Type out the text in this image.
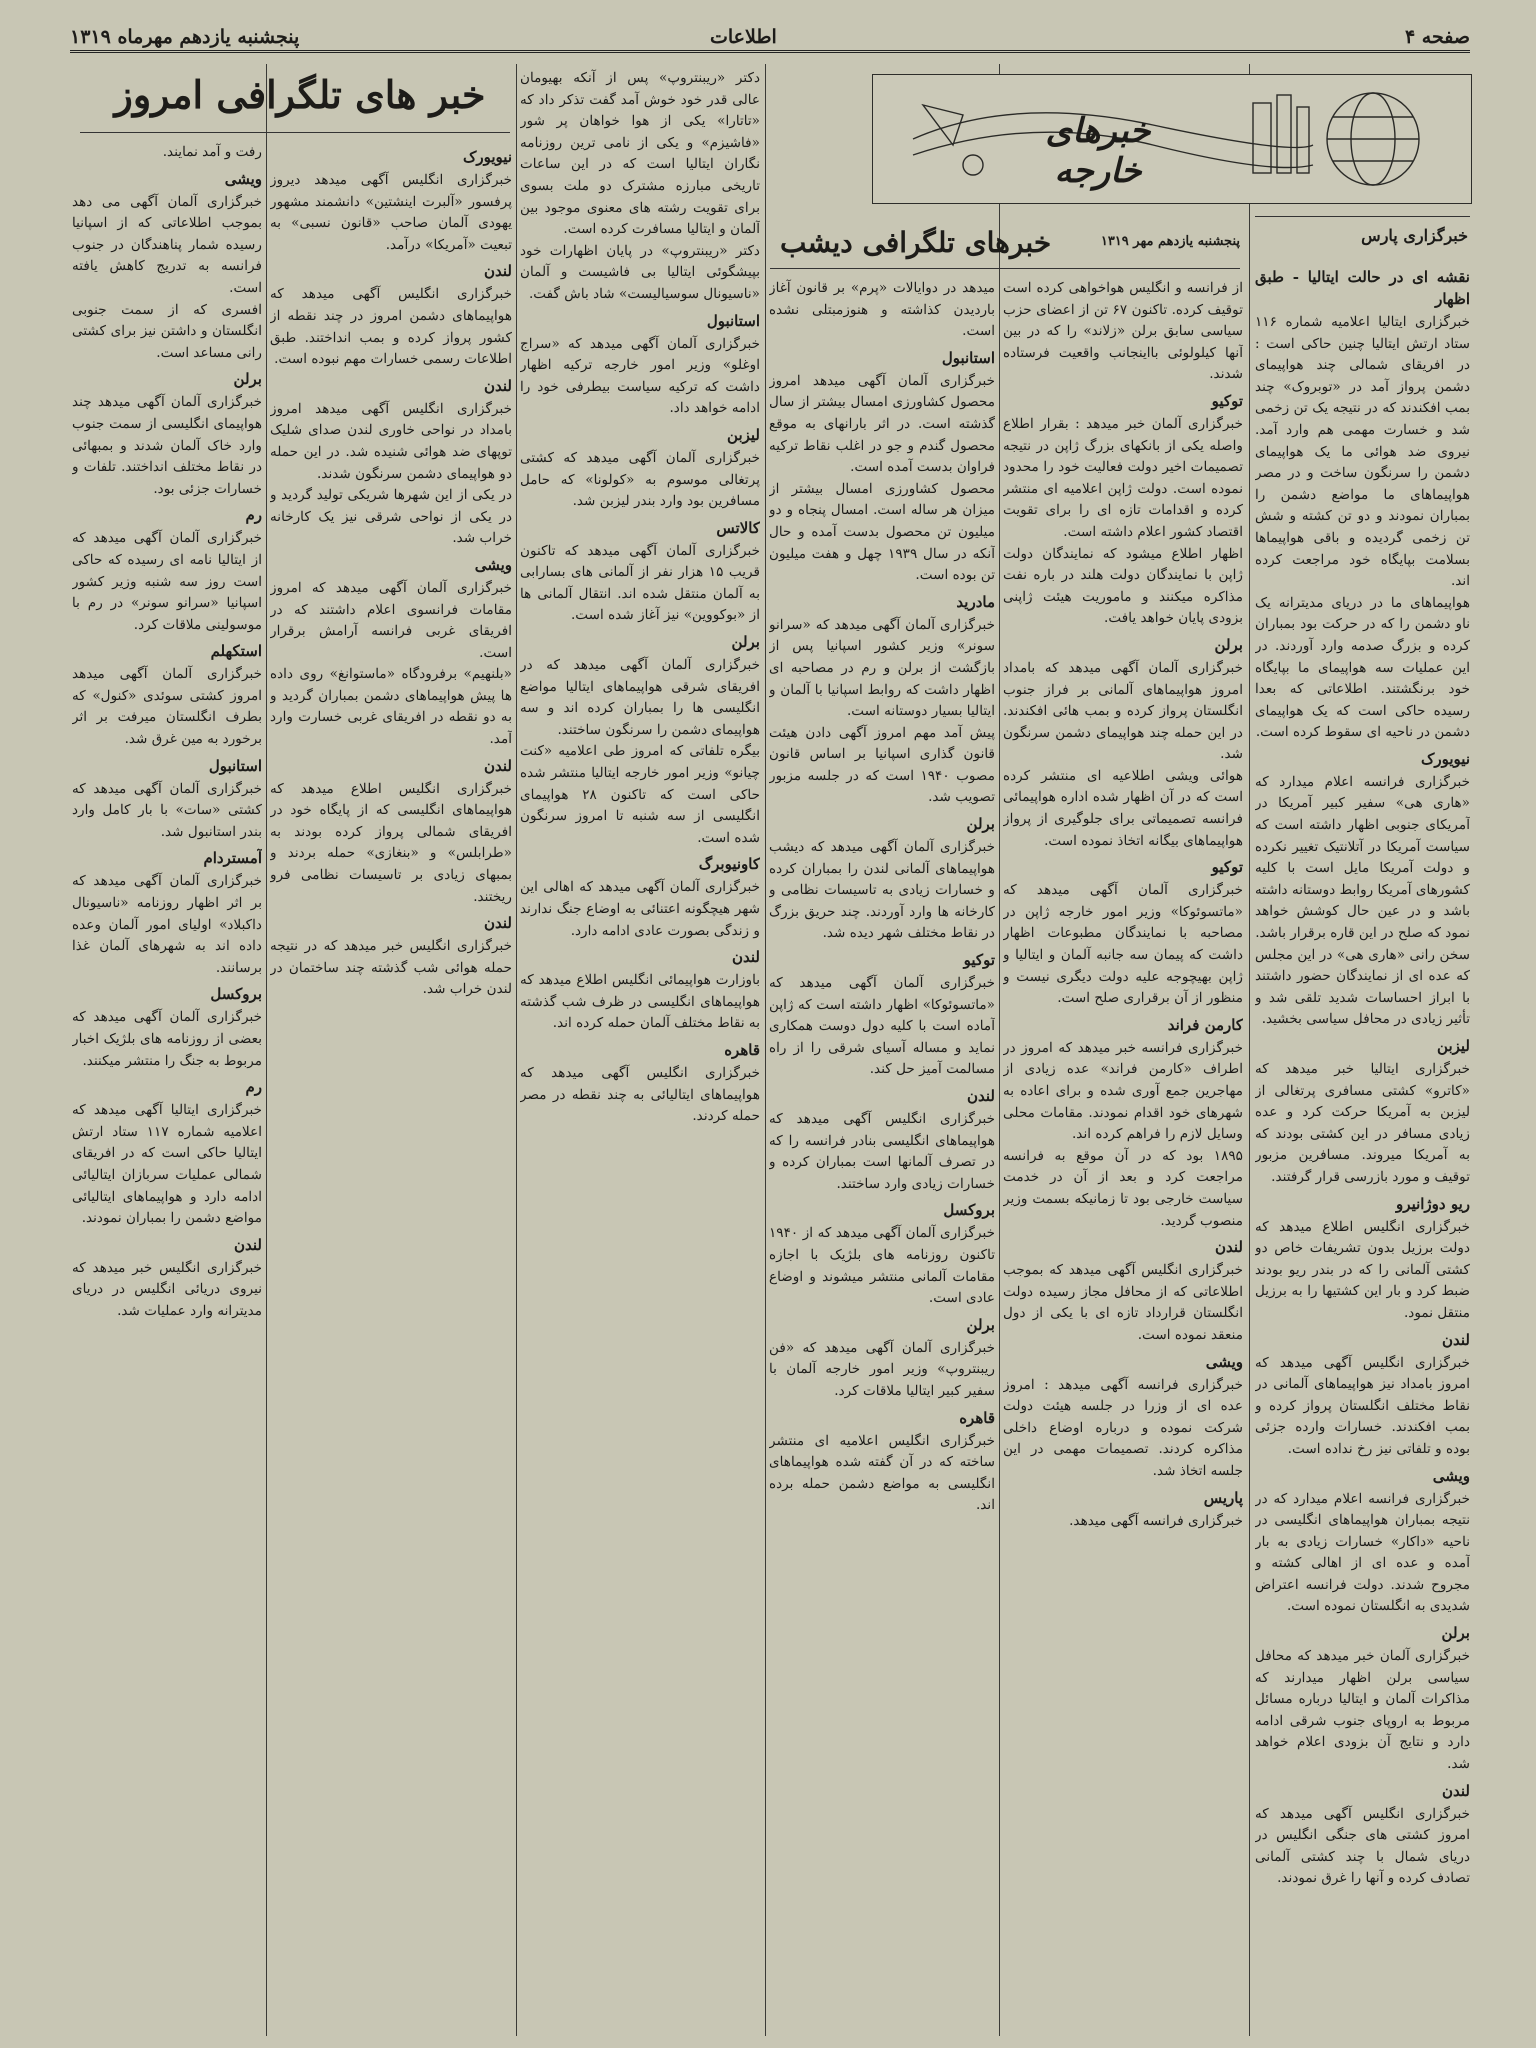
صفحه ۴
اطلاعات
پنجشنبه یازدهم مهرماه ۱۳۱۹
خبرهای خارجه
خبرهای تلگرافی دیشب	پنجشنبه یازدهم مهر ۱۳۱۹	خبرگزاری پارس
خبر های تلگرافی امروز
نقشه ای در حالت ایتالیا - طبق اظهار

خبرگزاری ایتالیا اعلامیه شماره ۱۱۶ ستاد ارتش ایتالیا چنین حاکی است : در افریقای شمالی چند هواپیمای دشمن پرواز آمد در «توبروک» چند بمب افکندند که در نتیجه یک تن زخمی شد و خسارت مهمی هم وارد آمد. نیروی ضد هوائی ما یک هواپیمای دشمن را سرنگون ساخت و در مصر هواپیماهای ما مواضع دشمن را بمباران نمودند و دو تن کشته و شش تن زخمی گردیده و باقی هواپیماها بسلامت بپایگاه خود مراجعت کرده اند.

هواپیماهای ما در دریای مدیترانه یک ناو دشمن را که در حرکت بود بمباران کرده و بزرگ صدمه وارد آوردند. در این عملیات سه هواپیمای ما بپایگاه خود برنگشتند. اطلاعاتی که بعدا رسیده حاکی است که یک هواپیمای دشمن در ناحیه ای سقوط کرده است.

نیویورک

خبرگزاری فرانسه اعلام میدارد که «هاری هی» سفیر کبیر آمریکا در آمریکای جنوبی اظهار داشته است که سیاست آمریکا در آتلانتیک تغییر نکرده و دولت آمریکا مایل است با کلیه کشورهای آمریکا روابط دوستانه داشته باشد و در عین حال کوشش خواهد نمود که صلح در این قاره برقرار باشد.

سخن رانی «هاری هی» در این مجلس که عده ای از نمایندگان حضور داشتند با ابراز احساسات شدید تلقی شد و تأثیر زیادی در محافل سیاسی بخشید.

لیزبن

خبرگزاری ایتالیا خبر میدهد که «کاترو» کشتی مسافری پرتغالی از لیزبن به آمریکا حرکت کرد و عده زیادی مسافر در این کشتی بودند که به آمریکا میروند. مسافرین مزبور توقیف و مورد بازرسی قرار گرفتند.

ریو دوژانیرو

خبرگزاری انگلیس اطلاع میدهد که دولت برزیل بدون تشریفات خاص دو کشتی آلمانی را که در بندر ریو بودند ضبط کرد و بار این کشتیها را به برزیل منتقل نمود.

لندن

خبرگزاری انگلیس آگهی میدهد که امروز بامداد نیز هواپیماهای آلمانی در نقاط مختلف انگلستان پرواز کرده و بمب افکندند. خسارات وارده جزئی بوده و تلفاتی نیز رخ نداده است.

ویشی

خبرگزاری فرانسه اعلام میدارد که در نتیجه بمباران هواپیماهای انگلیسی در ناحیه «داکار» خسارات زیادی به بار آمده و عده ای از اهالی کشته و مجروح شدند. دولت فرانسه اعتراض شدیدی به انگلستان نموده است.

برلن

خبرگزاری آلمان خبر میدهد که محافل سیاسی برلن اظهار میدارند که مذاکرات آلمان و ایتالیا درباره مسائل مربوط به اروپای جنوب شرقی ادامه دارد و نتایج آن بزودی اعلام خواهد شد.

لندن

خبرگزاری انگلیس آگهی میدهد که امروز کشتی های جنگی انگلیس در دریای شمال با چند کشتی آلمانی تصادف کرده و آنها را غرق نمودند.

از فرانسه و انگلیس هواخواهی کرده است توقیف کرده. تاکنون ۶۷ تن از اعضای حزب سیاسی سابق برلن «زلاند» را که در بین آنها کیلولوئی بااینجانب واقعیت فرستاده شدند.

توکیو

خبرگزاری آلمان خبر میدهد : بقرار اطلاع واصله یکی از بانکهای بزرگ ژاپن در نتیجه تصمیمات اخیر دولت فعالیت خود را محدود نموده است. دولت ژاپن اعلامیه ای منتشر کرده و اقدامات تازه ای را برای تقویت اقتصاد کشور اعلام داشته است.

اظهار اطلاع میشود که نمایندگان دولت ژاپن با نمایندگان دولت هلند در باره نفت مذاکره میکنند و ماموریت هیئت ژاپنی بزودی پایان خواهد یافت.

برلن

خبرگزاری آلمان آگهی میدهد که بامداد امروز هواپیماهای آلمانی بر فراز جنوب انگلستان پرواز کرده و بمب هائی افکندند. در این حمله چند هواپیمای دشمن سرنگون شد.

هوائی ویشی اطلاعیه ای منتشر کرده است که در آن اظهار شده اداره هواپیمائی فرانسه تصمیماتی برای جلوگیری از پرواز هواپیماهای بیگانه اتخاذ نموده است.

توکیو

خبرگزاری آلمان آگهی میدهد که «ماتسوئوکا» وزیر امور خارجه ژاپن در مصاحبه با نمایندگان مطبوعات اظهار داشت که پیمان سه جانبه آلمان و ایتالیا و ژاپن بهیچوجه علیه دولت دیگری نیست و منظور از آن برقراری صلح است.

کارمن فراند

خبرگزاری فرانسه خبر میدهد که امروز در اطراف «کارمن فراند» عده زیادی از مهاجرین جمع آوری شده و برای اعاده به شهرهای خود اقدام نمودند. مقامات محلی وسایل لازم را فراهم کرده اند.

۱۸۹۵ بود که در آن موقع به فرانسه مراجعت کرد و بعد از آن در خدمت سیاست خارجی بود تا زمانیکه بسمت وزیر منصوب گردید.

لندن

خبرگزاری انگلیس آگهی میدهد که بموجب اطلاعاتی که از محافل مجاز رسیده دولت انگلستان قرارداد تازه ای با یکی از دول منعقد نموده است.

ویشی

خبرگزاری فرانسه آگهی میدهد : امروز عده ای از وزرا در جلسه هیئت دولت شرکت نموده و درباره اوضاع داخلی مذاکره کردند. تصمیمات مهمی در این جلسه اتخاذ شد.

پاریس

خبرگزاری فرانسه آگهی میدهد.

میدهد در دوایالات «پرم» بر قانون آغاز باردیدن کذاشته و هنوزمبتلی نشده است.

استانبول

خبرگزاری آلمان آگهی میدهد امروز محصول کشاورزی امسال بیشتر از سال گذشته است. در اثر بارانهای به موقع محصول گندم و جو در اغلب نقاط ترکیه فراوان بدست آمده است.

محصول کشاورزی امسال بیشتر از میزان هر ساله است. امسال پنجاه و دو میلیون تن محصول بدست آمده و حال آنکه در سال ۱۹۳۹ چهل و هفت میلیون تن بوده است.

مادرید

خبرگزاری آلمان آگهی میدهد که «سرانو سونر» وزیر کشور اسپانیا پس از بازگشت از برلن و رم در مصاحبه ای اظهار داشت که روابط اسپانیا با آلمان و ایتالیا بسیار دوستانه است.

پیش آمد مهم امروز آگهی دادن هیئت قانون گذاری اسپانیا بر اساس قانون مصوب ۱۹۴۰ است که در جلسه مزبور تصویب شد.

برلن

خبرگزاری آلمان آگهی میدهد که دیشب هواپیماهای آلمانی لندن را بمباران کرده و خسارات زیادی به تاسیسات نظامی و کارخانه ها وارد آوردند. چند حریق بزرگ در نقاط مختلف شهر دیده شد.

توکیو

خبرگزاری آلمان آگهی میدهد که «ماتسوئوکا» اظهار داشته است که ژاپن آماده است با کلیه دول دوست همکاری نماید و مساله آسیای شرقی را از راه مسالمت آمیز حل کند.

لندن

خبرگزاری انگلیس آگهی میدهد که هواپیماهای انگلیسی بنادر فرانسه را که در تصرف آلمانها است بمباران کرده و خسارات زیادی وارد ساختند.

بروکسل

خبرگزاری آلمان آگهی میدهد که از ۱۹۴۰ تاکنون روزنامه های بلژیک با اجازه مقامات آلمانی منتشر میشوند و اوضاع عادی است.

برلن

خبرگزاری آلمان آگهی میدهد که «فن ریبنتروپ» وزیر امور خارجه آلمان با سفیر کبیر ایتالیا ملاقات کرد.

قاهره

خبرگزاری انگلیس اعلامیه ای منتشر ساخته که در آن گفته شده هواپیماهای انگلیسی به مواضع دشمن حمله برده اند.

دکتر «ریبنتروپ» پس از آنکه بهیومان عالی قدر خود خوش آمد گفت تذکر داد که «تاتارا» یکی از هوا خواهان پر شور «فاشیزم» و یکی از نامی ترین روزنامه نگاران ایتالیا است که در این ساعات تاریخی مبارزه مشترک دو ملت بسوی برای تقویت رشته های معنوی موجود بین آلمان و ایتالیا مسافرت کرده است.

دکتر «ریبنتروپ» در پایان اظهارات خود بپیشگوئی ایتالیا بی فاشیست و آلمان «ناسیونال سوسیالیست» شاد باش گفت.

استانبول

خبرگزاری آلمان آگهی میدهد که «سراج اوغلو» وزیر امور خارجه ترکیه اظهار داشت که ترکیه سیاست بیطرفی خود را ادامه خواهد داد.

لیزبن

خبرگزاری آلمان آگهی میدهد که کشتی پرتغالی موسوم به «کولونا» که حامل مسافرین بود وارد بندر لیزبن شد.

کالاتس

خبرگزاری آلمان آگهی میدهد که تاکنون قریب ۱۵ هزار نفر از آلمانی های بسارابی به آلمان منتقل شده اند. انتقال آلمانی ها از «بوکووین» نیز آغاز شده است.

برلن

خبرگزاری آلمان آگهی میدهد که در افریقای شرقی هواپیماهای ایتالیا مواضع انگلیسی ها را بمباران کرده اند و سه هواپیمای دشمن را سرنگون ساختند.

بیگره تلفاتی که امروز طی اعلامیه «کنت چیانو» وزیر امور خارجه ایتالیا منتشر شده حاکی است که تاکنون ۲۸ هواپیمای انگلیسی از سه شنبه تا امروز سرنگون شده است.

کاونیوبرگ

خبرگزاری آلمان آگهی میدهد که اهالی این شهر هیچگونه اعتنائی به اوضاع جنگ ندارند و زندگی بصورت عادی ادامه دارد.

لندن

باوزارت هواپیمائی انگلیس اطلاع میدهد که هواپیماهای انگلیسی در ظرف شب گذشته به نقاط مختلف آلمان حمله کرده اند.

قاهره

خبرگزاری انگلیس آگهی میدهد که هواپیماهای ایتالیائی به چند نقطه در مصر حمله کردند.

نیویورک

خبرگزاری انگلیس آگهی میدهد دیروز پرفسور «آلبرت اینشتین» دانشمند مشهور یهودی آلمان صاحب «قانون نسبی» به تبعیت «آمریکا» درآمد.

لندن

خبرگزاری انگلیس آگهی میدهد که هواپیماهای دشمن امروز در چند نقطه از کشور پرواز کرده و بمب انداختند. طبق اطلاعات رسمی خسارات مهم نبوده است.

لندن

خبرگزاری انگلیس آگهی میدهد امروز بامداد در نواحی خاوری لندن صدای شلیک توپهای ضد هوائی شنیده شد. در این حمله دو هواپیمای دشمن سرنگون شدند.

در یکی از این شهرها شریکی تولید گردید و در یکی از نواحی شرقی نیز یک کارخانه خراب شد.

ویشی

خبرگزاری آلمان آگهی میدهد که امروز مقامات فرانسوی اعلام داشتند که در افریقای غربی فرانسه آرامش برقرار است.

«بلنهیم» برفرودگاه «ماستوانغ» روی داده ها پیش هواپیماهای دشمن بمباران گردید و به دو نقطه در افریقای غربی خسارت وارد آمد.

لندن

خبرگزاری انگلیس اطلاع میدهد که هواپیماهای انگلیسی که از پایگاه خود در افریقای شمالی پرواز کرده بودند به «طرابلس» و «بنغازی» حمله بردند و بمبهای زیادی بر تاسیسات نظامی فرو ریختند.

لندن

خبرگزاری انگلیس خبر میدهد که در نتیجه حمله هوائی شب گذشته چند ساختمان در لندن خراب شد.

رفت و آمد نمایند.

ویشی

خبرگزاری آلمان آگهی می دهد بموجب اطلاعاتی که از اسپانیا رسیده شمار پناهندگان در جنوب فرانسه به تدریج کاهش یافته است.

افسری که از سمت جنوبی انگلستان و داشتن نیز برای کشتی رانی مساعد است.

برلن

خبرگزاری آلمان آگهی میدهد چند هواپیمای انگلیسی از سمت جنوب وارد خاک آلمان شدند و بمبهائی در نقاط مختلف انداختند. تلفات و خسارات جزئی بود.

رم

خبرگزاری آلمان آگهی میدهد که از ایتالیا نامه ای رسیده که حاکی است روز سه شنبه وزیر کشور اسپانیا «سرانو سونر» در رم با موسولینی ملاقات کرد.

استکهلم

خبرگزاری آلمان آگهی میدهد امروز کشتی سوئدی «کنول» که بطرف انگلستان میرفت بر اثر برخورد به مین غرق شد.

استانبول

خبرگزاری آلمان آگهی میدهد که کشتی «سات» با بار کامل وارد بندر استانبول شد.

آمستردام

خبرگزاری آلمان آگهی میدهد که بر اثر اظهار روزنامه «ناسیونال داکبلاد» اولیای امور آلمان وعده داده اند به شهرهای آلمان غذا برسانند.

بروکسل

خبرگزاری آلمان آگهی میدهد که بعضی از روزنامه های بلژیک اخبار مربوط به جنگ را منتشر میکنند.

رم

خبرگزاری ایتالیا آگهی میدهد که اعلامیه شماره ۱۱۷ ستاد ارتش ایتالیا حاکی است که در افریقای شمالی عملیات سربازان ایتالیائی ادامه دارد و هواپیماهای ایتالیائی مواضع دشمن را بمباران نمودند.

لندن

خبرگزاری انگلیس خبر میدهد که نیروی دریائی انگلیس در دریای مدیترانه وارد عملیات شد.
